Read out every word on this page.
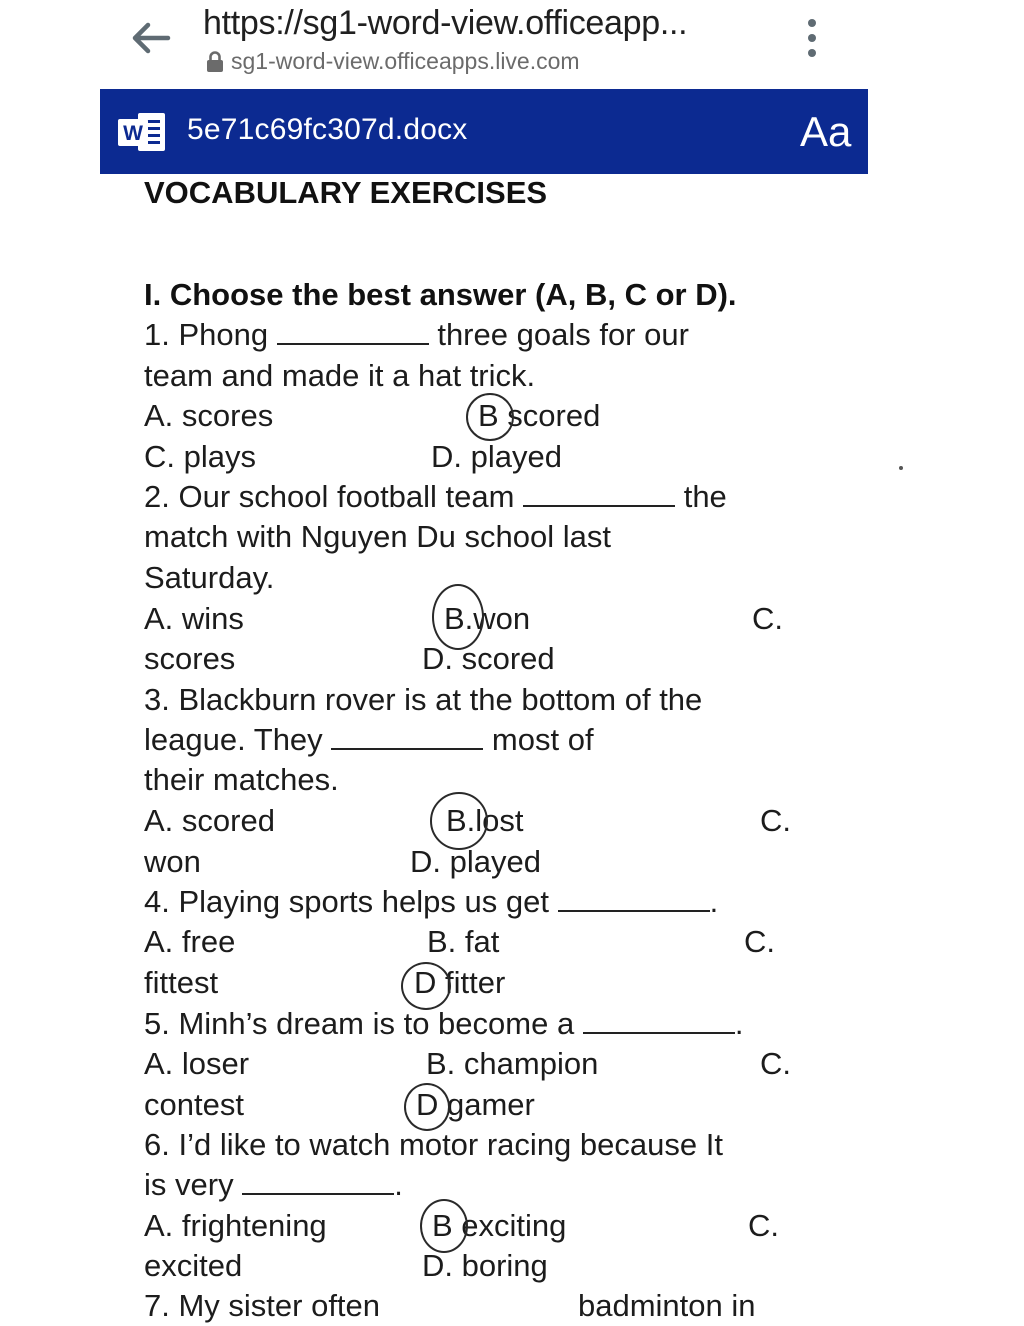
https://sg1-word-view.officeapp...
sg1-word-view.officeapps.live.com
W 5e71c69fc307d.docx	Aa
VOCABULARY EXERCISES
I. Choose the best answer (A, B, C or D).
1. Phong	three goals for our
team and made it a hat trick.
A. scores	B scored
C. plays	D. played
2. Our school football team	the
match with Nguyen Du school last
Saturday.
A. wins	B.won	C.
scores	D. scored
3. Blackburn rover is at the bottom of the
league. They	most of
their matches.
A. scored	B.lost	C.
won	D. played
4. Playing sports helps us get	.
A. free	B. fat	C.
fittest	D fitter
5. Minh’s dream is to become a	.
A. loser	B. champion	C.
contest	D gamer
6. I’d like to watch motor racing because It
is very	.
A. frightening	B exciting	C.
excited	D. boring
7. My sister often	badminton in
